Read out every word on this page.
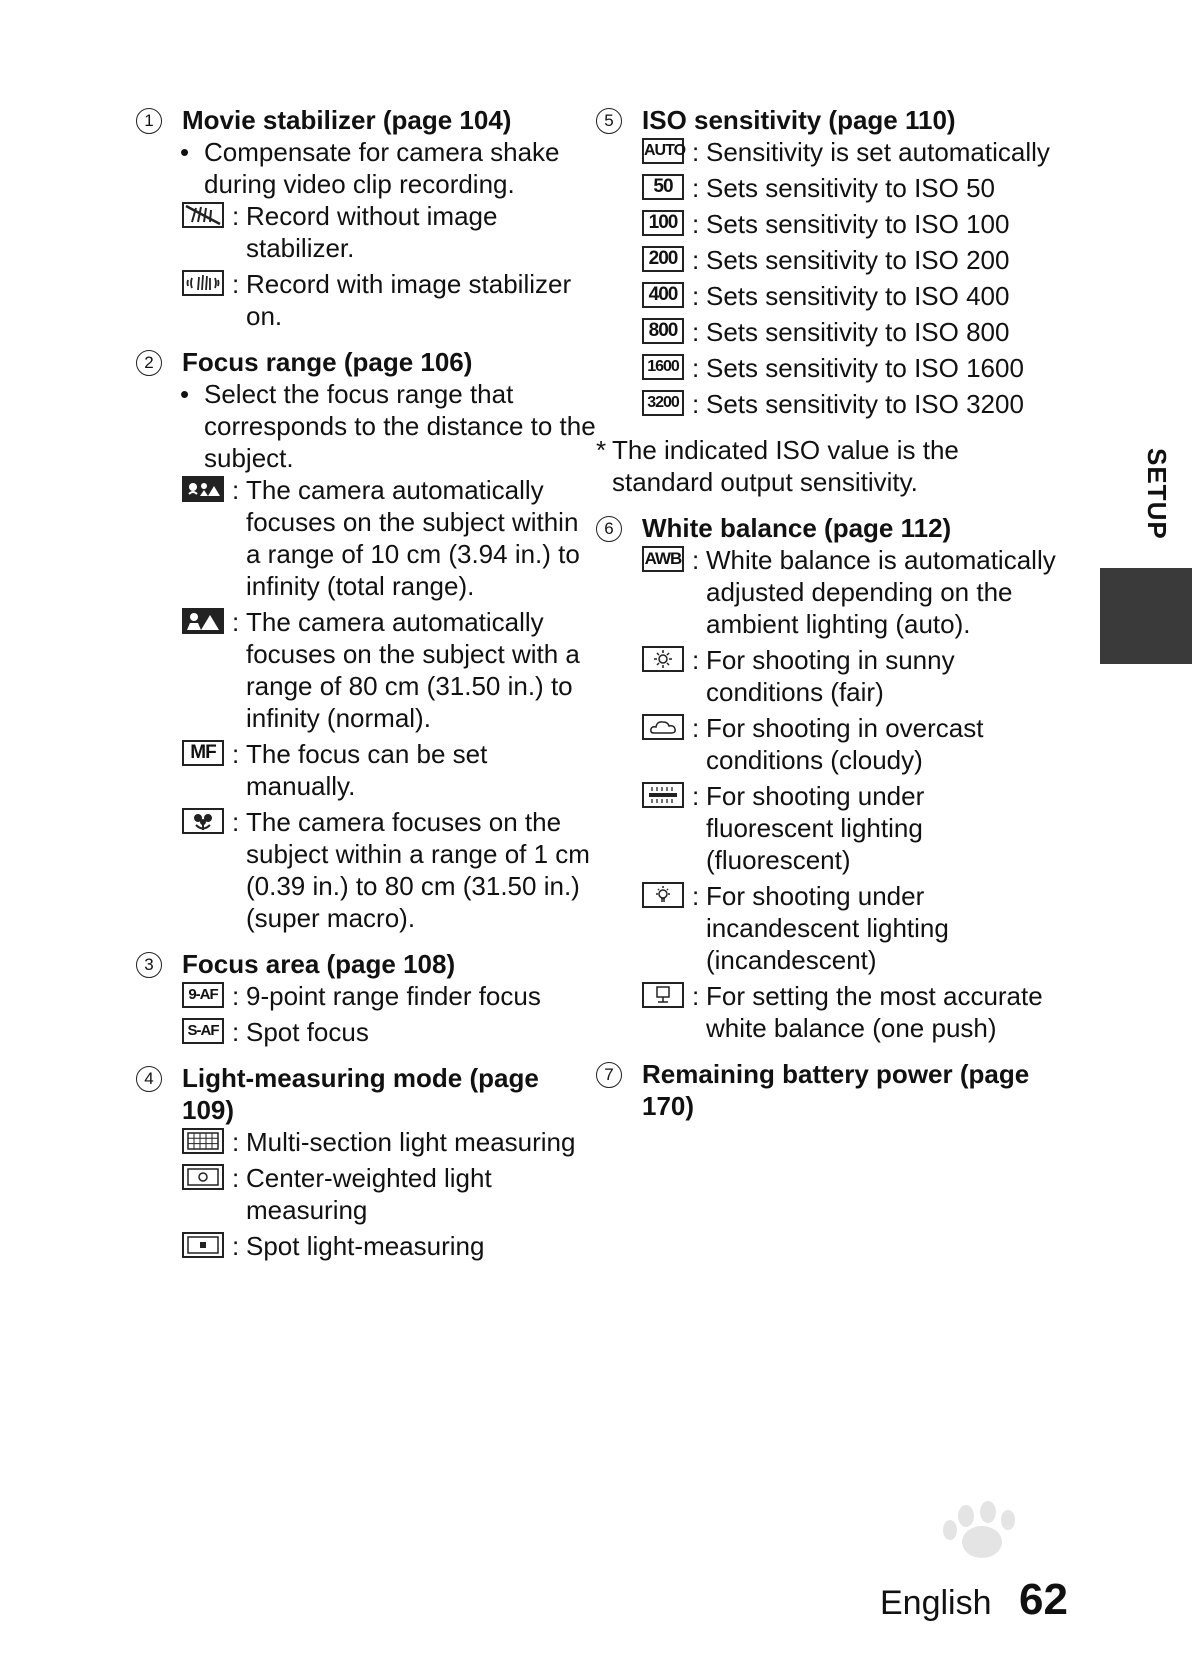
1	Movie stabilizer (page 104)
• Compensate for camera shake during video clip recording.
: Record without image stabilizer.
: Record with image stabilizer on.
2	Focus range (page 106)
• Select the focus range that corresponds to the distance to the subject.
: The camera automatically focuses on the subject within a range of 10 cm (3.94 in.) to infinity (total range).
: The camera automatically focuses on the subject with a range of 80 cm (31.50 in.) to infinity (normal).
MF : The focus can be set manually.
: The camera focuses on the subject within a range of 1 cm (0.39 in.) to 80 cm (31.50 in.) (super macro).
3	Focus area (page 108)
9-AF : 9-point range finder focus
S-AF : Spot focus
4	Light-measuring mode (page 109)
: Multi-section light measuring
: Center-weighted light measuring
: Spot light-measuring
5	ISO sensitivity (page 110)
AUTO : Sensitivity is set automatically
50 : Sets sensitivity to ISO 50
100 : Sets sensitivity to ISO 100
200 : Sets sensitivity to ISO 200
400 : Sets sensitivity to ISO 400
800 : Sets sensitivity to ISO 800
1600 : Sets sensitivity to ISO 1600
3200 : Sets sensitivity to ISO 3200
* The indicated ISO value is the standard output sensitivity.
6	White balance (page 112)
AWB : White balance is automatically adjusted depending on the ambient lighting (auto).
: For shooting in sunny conditions (fair)
: For shooting in overcast conditions (cloudy)
: For shooting under fluorescent lighting (fluorescent)
: For shooting under incandescent lighting (incandescent)
: For setting the most accurate white balance (one push)
7	Remaining battery power (page 170)
SETUP
English 62
